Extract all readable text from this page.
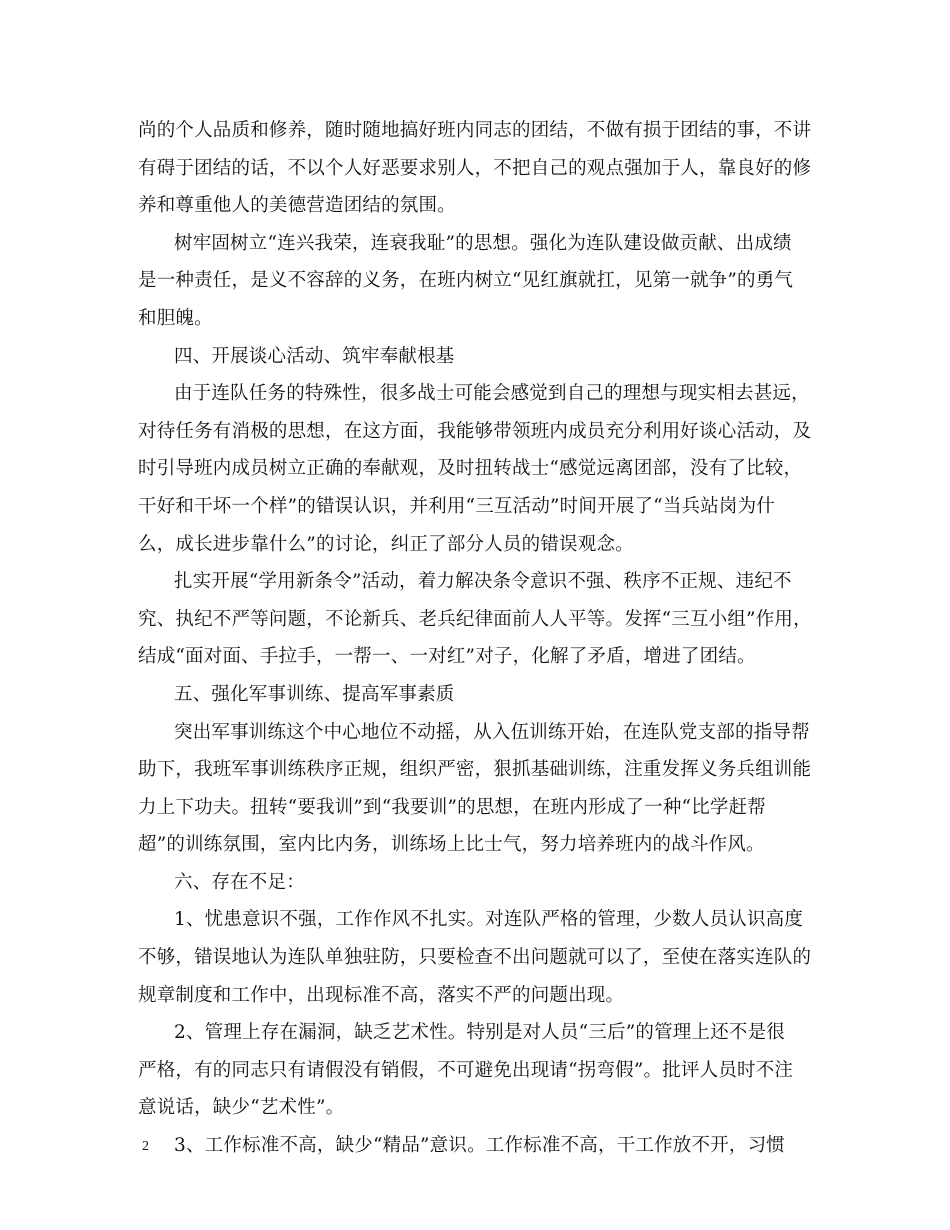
尚的个人品质和修养，随时随地搞好班内同志的团结，不做有损于团结的事，不讲
有碍于团结的话，不以个人好恶要求别人，不把自己的观点强加于人，靠良好的修
养和尊重他人的美德营造团结的氛围。
树牢固树立“连兴我荣，连衰我耻”的思想。强化为连队建设做贡献、出成绩
是一种责任，是义不容辞的义务，在班内树立“见红旗就扛，见第一就争”的勇气
和胆魄。
四、开展谈心活动、筑牢奉献根基
由于连队任务的特殊性，很多战士可能会感觉到自己的理想与现实相去甚远，
对待任务有消极的思想，在这方面，我能够带领班内成员充分利用好谈心活动，及
时引导班内成员树立正确的奉献观，及时扭转战士“感觉远离团部，没有了比较，
干好和干坏一个样”的错误认识，并利用“三互活动”时间开展了“当兵站岗为什
么，成长进步靠什么”的讨论，纠正了部分人员的错误观念。
扎实开展“学用新条令”活动，着力解决条令意识不强、秩序不正规、违纪不
究、执纪不严等问题，不论新兵、老兵纪律面前人人平等。发挥“三互小组”作用，
结成“面对面、手拉手，一帮一、一对红”对子，化解了矛盾，增进了团结。
五、强化军事训练、提高军事素质
突出军事训练这个中心地位不动摇，从入伍训练开始，在连队党支部的指导帮
助下，我班军事训练秩序正规，组织严密，狠抓基础训练，注重发挥义务兵组训能
力上下功夫。扭转“要我训”到“我要训”的思想，在班内形成了一种“比学赶帮
超”的训练氛围，室内比内务，训练场上比士气，努力培养班内的战斗作风。
六、存在不足：
1、忧患意识不强，工作作风不扎实。对连队严格的管理，少数人员认识高度
不够，错误地认为连队单独驻防，只要检查不出问题就可以了，至使在落实连队的
规章制度和工作中，出现标准不高，落实不严的问题出现。
2、管理上存在漏洞，缺乏艺术性。特别是对人员“三后”的管理上还不是很
严格，有的同志只有请假没有销假，不可避免出现请“拐弯假”。批评人员时不注
意说话，缺少“艺术性”。
3、工作标准不高，缺少“精品”意识。工作标准不高，干工作放不开，习惯
2
